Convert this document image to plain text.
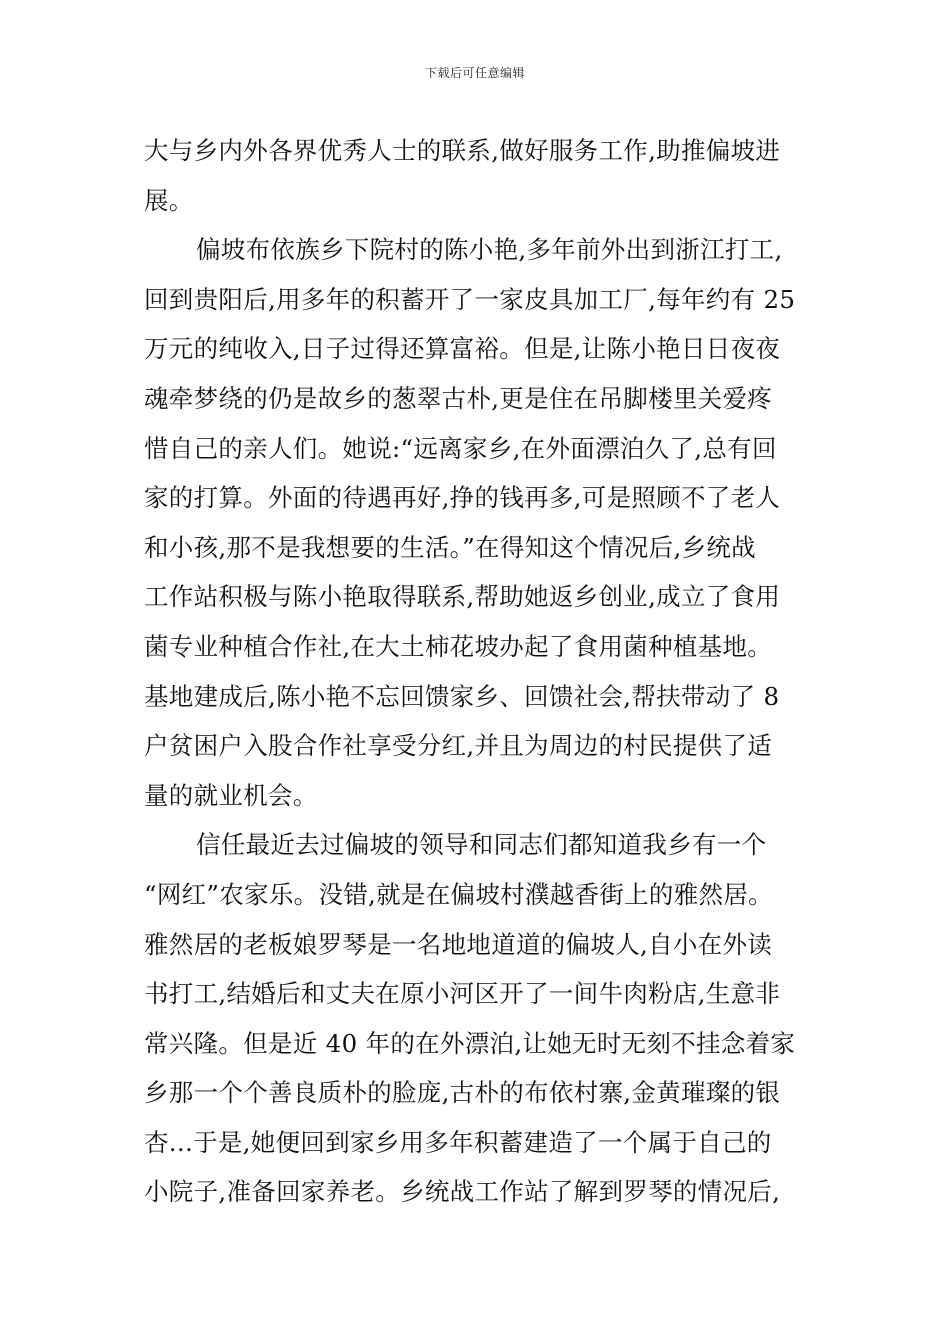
下载后可任意编辑
大与乡内外各界优秀人士的联系,做好服务工作,助推偏坡进
展。
偏坡布依族乡下院村的陈小艳,多年前外出到浙江打工,
回到贵阳后,用多年的积蓄开了一家皮具加工厂,每年约有 25
万元的纯收入,日子过得还算富裕。但是,让陈小艳日日夜夜
魂牵梦绕的仍是故乡的葱翠古朴,更是住在吊脚楼里关爱疼
惜自己的亲人们。她说:“远离家乡,在外面漂泊久了,总有回
家的打算。外面的待遇再好,挣的钱再多,可是照顾不了老人
和小孩,那不是我想要的生活。”在得知这个情况后,乡统战
工作站积极与陈小艳取得联系,帮助她返乡创业,成立了食用
菌专业种植合作社,在大土柿花坡办起了食用菌种植基地。
基地建成后,陈小艳不忘回馈家乡、回馈社会,帮扶带动了 8
户贫困户入股合作社享受分红,并且为周边的村民提供了适
量的就业机会。
信任最近去过偏坡的领导和同志们都知道我乡有一个
“网红”农家乐。没错,就是在偏坡村濮越香街上的雅然居。
雅然居的老板娘罗琴是一名地地道道的偏坡人,自小在外读
书打工,结婚后和丈夫在原小河区开了一间牛肉粉店,生意非
常兴隆。但是近 40 年的在外漂泊,让她无时无刻不挂念着家
乡那一个个善良质朴的脸庞,古朴的布依村寨,金黄璀璨的银
杏...于是,她便回到家乡用多年积蓄建造了一个属于自己的
小院子,准备回家养老。乡统战工作站了解到罗琴的情况后,
